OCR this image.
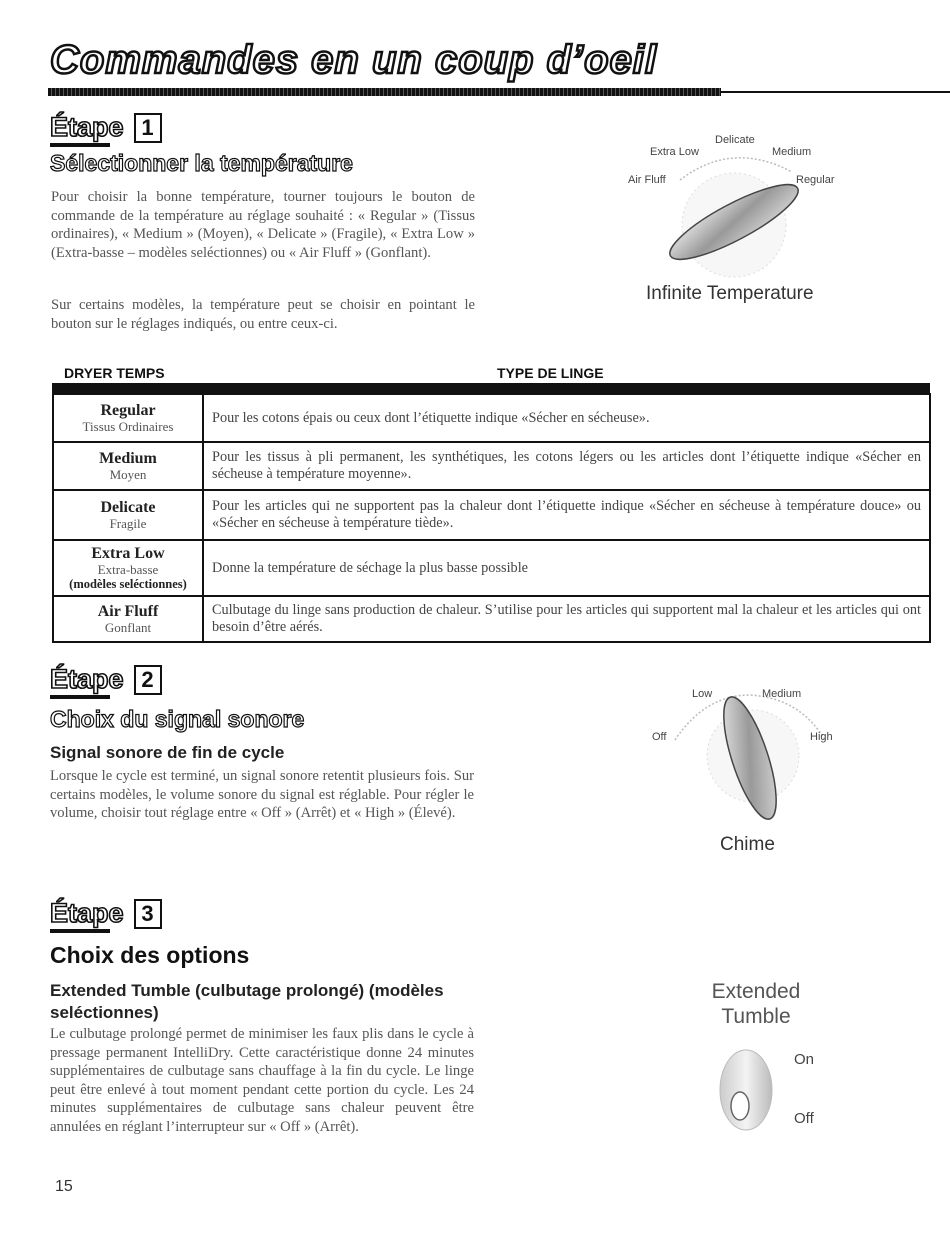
Commandes en un coup d’oeil
Étape 1
Sélectionner la température
Pour choisir la bonne température, tourner toujours le bouton de commande de la température au réglage souhaité : « Regular » (Tissus ordinaires), « Medium » (Moyen), « Delicate » (Fragile), « Extra Low » (Extra-basse – modèles seléctionnes) ou « Air Fluff » (Gonflant).
Sur certains modèles, la température peut se choisir en pointant le bouton sur le réglages indiqués, ou entre ceux-ci.
Extra Low
Delicate
Medium
Air Fluff	Regular
Infinite Temperature
DRYER TEMPS	TYPE DE LINGE
Regular
Tissus Ordinaires	Pour les cotons épais ou ceux dont l’étiquette indique «Sécher en sécheuse».

Medium
Moyen	Pour les tissus à pli permanent, les synthétiques, les cotons légers ou les articles dont l’étiquette indique «Sécher en sécheuse à température moyenne».

Delicate
Fragile	Pour les articles qui ne supportent pas la chaleur dont l’étiquette indique «Sécher en sécheuse à température douce» ou «Sécher en sécheuse à température tiède».

Extra Low
Extra-basse
(modèles seléctionnes)	Donne la température de séchage la plus basse possible

Air Fluff
Gonflant	Culbutage du linge sans production de chaleur. S’utilise pour les articles qui supportent mal la chaleur et les articles qui ont besoin d’être aérés.
Étape 2
Choix du signal sonore
Signal sonore de fin de cycle
Lorsque le cycle est terminé, un signal sonore retentit plusieurs fois. Sur certains modèles, le volume sonore du signal est réglable. Pour régler le volume, choisir tout réglage entre « Off » (Arrêt) et « High » (Élevé).
Low	Medium
Off	High
Chime
Étape 3
Choix des options
Extended Tumble (culbutage prolongé) (modèles seléctionnes)
Le culbutage prolongé permet de minimiser les faux plis dans le cycle à pressage permanent IntelliDry. Cette caractéristique donne 24 minutes supplémentaires de culbutage sans chauffage à la fin du cycle. Le linge peut être enlevé à tout moment pendant cette portion du cycle. Les 24 minutes supplémentaires de culbutage sans chaleur peuvent être annulées en réglant l’interrupteur sur « Off » (Arrêt).
Extended
Tumble
On
Off
15
